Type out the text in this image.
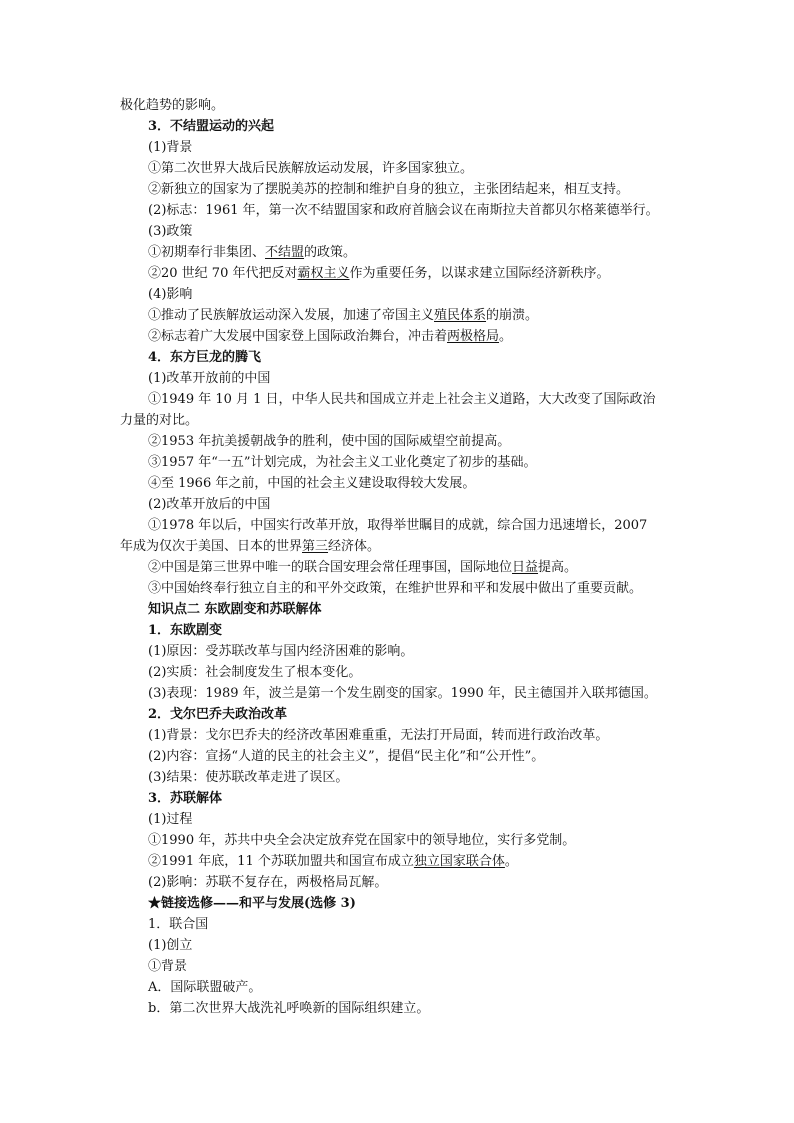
极化趋势的影响。
3．不结盟运动的兴起
(1)背景
①第二次世界大战后民族解放运动发展，许多国家独立。
②新独立的国家为了摆脱美苏的控制和维护自身的独立，主张团结起来，相互支持。
(2)标志：1961 年，第一次不结盟国家和政府首脑会议在南斯拉夫首都贝尔格莱德举行。
(3)政策
①初期奉行非集团、不结盟的政策。
②20 世纪 70 年代把反对霸权主义作为重要任务，以谋求建立国际经济新秩序。
(4)影响
①推动了民族解放运动深入发展，加速了帝国主义殖民体系的崩溃。
②标志着广大发展中国家登上国际政治舞台，冲击着两极格局。
4．东方巨龙的腾飞
(1)改革开放前的中国
①1949 年 10 月 1 日，中华人民共和国成立并走上社会主义道路，大大改变了国际政治
力量的对比。
②1953 年抗美援朝战争的胜利，使中国的国际威望空前提高。
③1957 年“一五”计划完成，为社会主义工业化奠定了初步的基础。
④至 1966 年之前，中国的社会主义建设取得较大发展。
(2)改革开放后的中国
①1978 年以后，中国实行改革开放，取得举世瞩目的成就，综合国力迅速增长，2007
年成为仅次于美国、日本的世界第三经济体。
②中国是第三世界中唯一的联合国安理会常任理事国，国际地位日益提高。
③中国始终奉行独立自主的和平外交政策，在维护世界和平和发展中做出了重要贡献。
知识点二 东欧剧变和苏联解体
1．东欧剧变
(1)原因：受苏联改革与国内经济困难的影响。
(2)实质：社会制度发生了根本变化。
(3)表现：1989 年，波兰是第一个发生剧变的国家。1990 年，民主德国并入联邦德国。
2．戈尔巴乔夫政治改革
(1)背景：戈尔巴乔夫的经济改革困难重重，无法打开局面，转而进行政治改革。
(2)内容：宣扬“人道的民主的社会主义”，提倡“民主化”和“公开性”。
(3)结果：使苏联改革走进了误区。
3．苏联解体
(1)过程
①1990 年，苏共中央全会决定放弃党在国家中的领导地位，实行多党制。
②1991 年底，11 个苏联加盟共和国宣布成立独立国家联合体。
(2)影响：苏联不复存在，两极格局瓦解。
★链接选修——和平与发展(选修 3)
1．联合国
(1)创立
①背景
A．国际联盟破产。
b．第二次世界大战洗礼呼唤新的国际组织建立。
